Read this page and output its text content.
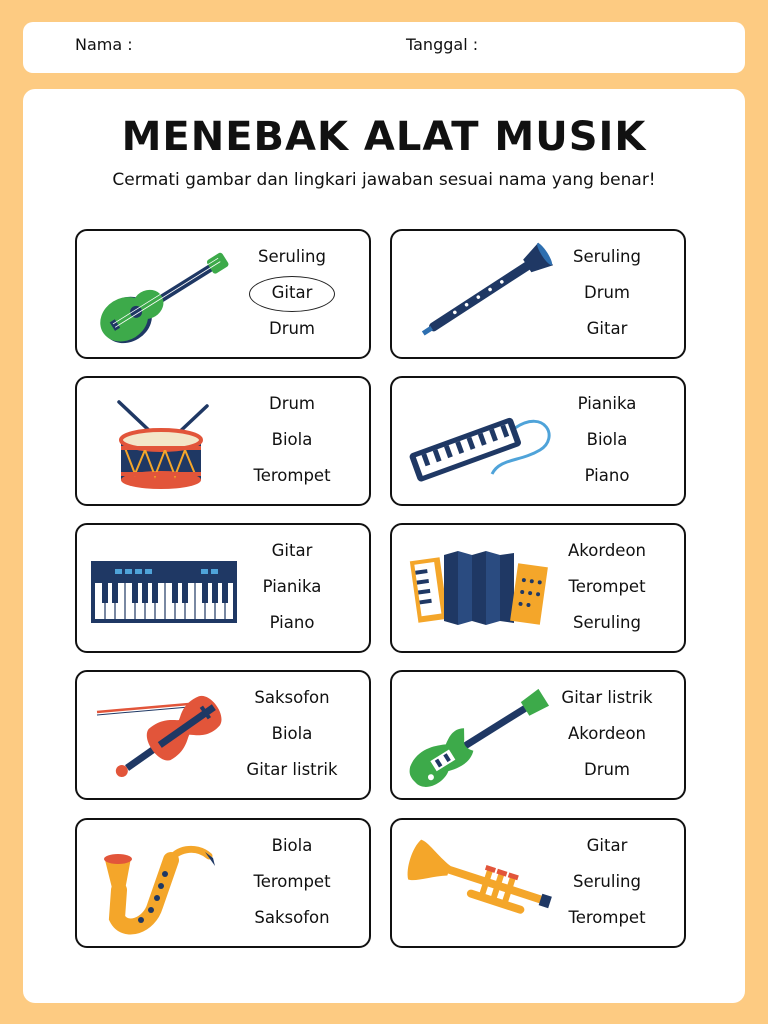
Nama :	Tanggal :
MENEBAK ALAT MUSIK

Cermati gambar dan lingkari jawaban sesuai nama yang benar!

Seruling
Gitar
Drum
Seruling
Drum
Gitar
Drum
Biola
Terompet
Pianika
Biola
Piano
Gitar
Pianika
Piano
Akordeon
Terompet
Seruling
Saksofon
Biola
Gitar listrik
Gitar listrik
Akordeon
Drum
Biola
Terompet
Saksofon
Gitar
Seruling
Terompet
